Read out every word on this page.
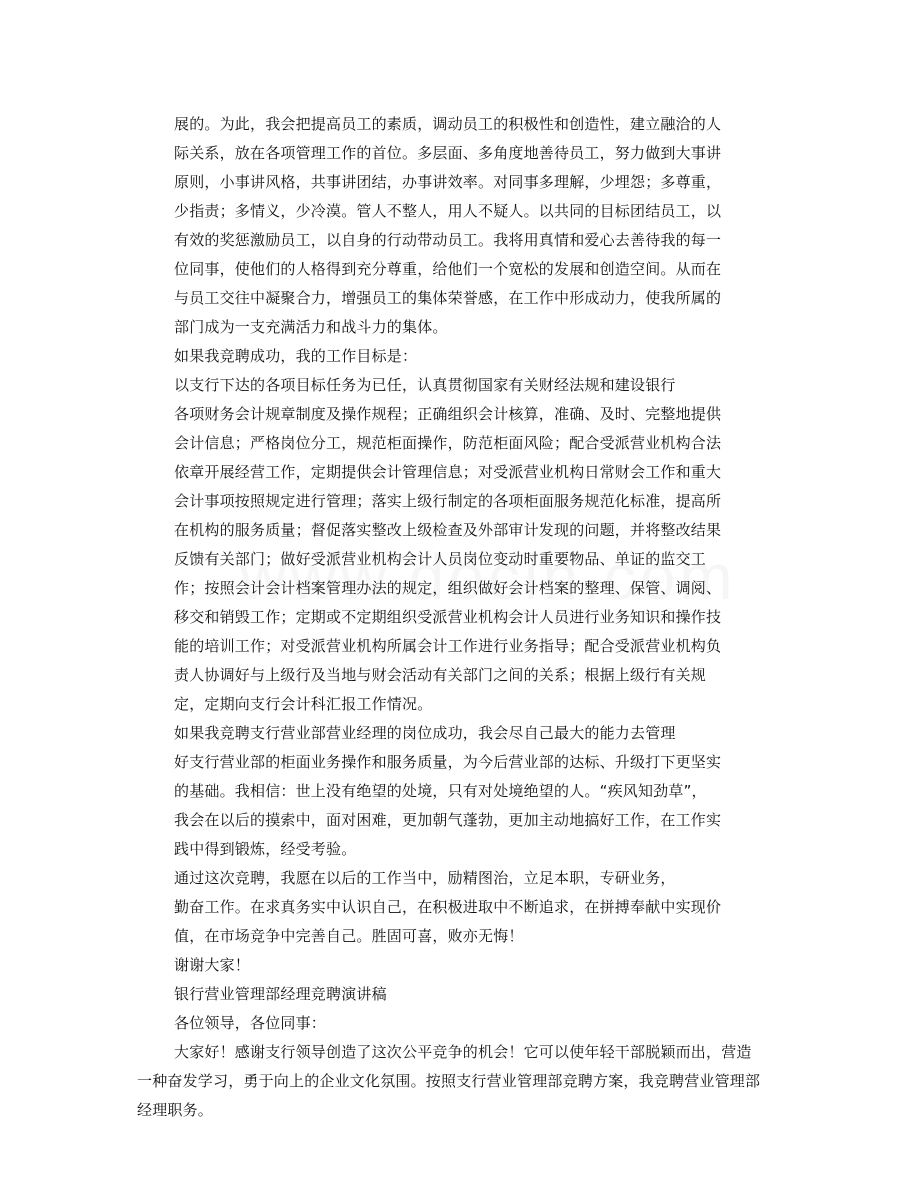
展的。为此，我会把提高员工的素质，调动员工的积极性和创造性，建立融洽的人
际关系，放在各项管理工作的首位。多层面、多角度地善待员工，努力做到大事讲
原则，小事讲风格，共事讲团结，办事讲效率。对同事多理解，少埋怨；多尊重，
少指责；多情义，少冷漠。管人不整人，用人不疑人。以共同的目标团结员工，以
有效的奖惩激励员工，以自身的行动带动员工。我将用真情和爱心去善待我的每一
位同事，使他们的人格得到充分尊重，给他们一个宽松的发展和创造空间。从而在
与员工交往中凝聚合力，增强员工的集体荣誉感，在工作中形成动力，使我所属的
部门成为一支充满活力和战斗力的集体。
如果我竞聘成功，我的工作目标是：
以支行下达的各项目标任务为已任，认真贯彻国家有关财经法规和建设银行
各项财务会计规章制度及操作规程；正确组织会计核算，准确、及时、完整地提供
会计信息；严格岗位分工，规范柜面操作，防范柜面风险；配合受派营业机构合法
依章开展经营工作，定期提供会计管理信息；对受派营业机构日常财会工作和重大
会计事项按照规定进行管理；落实上级行制定的各项柜面服务规范化标准，提高所
在机构的服务质量；督促落实整改上级检查及外部审计发现的问题，并将整改结果
反馈有关部门；做好受派营业机构会计人员岗位变动时重要物品、单证的监交工
作；按照会计会计档案管理办法的规定，组织做好会计档案的整理、保管、调阅、
移交和销毁工作；定期或不定期组织受派营业机构会计人员进行业务知识和操作技
能的培训工作；对受派营业机构所属会计工作进行业务指导；配合受派营业机构负
责人协调好与上级行及当地与财会活动有关部门之间的关系；根据上级行有关规
定，定期向支行会计科汇报工作情况。
如果我竞聘支行营业部营业经理的岗位成功，我会尽自己最大的能力去管理
好支行营业部的柜面业务操作和服务质量，为今后营业部的达标、升级打下更坚实
的基础。我相信：世上没有绝望的处境，只有对处境绝望的人。“疾风知劲草”，
我会在以后的摸索中，面对困难，更加朝气蓬勃，更加主动地搞好工作，在工作实
践中得到锻炼，经受考验。
通过这次竞聘，我愿在以后的工作当中，励精图治，立足本职，专研业务，
勤奋工作。在求真务实中认识自己，在积极进取中不断追求，在拼搏奉献中实现价
值，在市场竞争中完善自己。胜固可喜，败亦无悔！
谢谢大家！
银行营业管理部经理竞聘演讲稿
各位领导，各位同事：
大家好！感谢支行领导创造了这次公平竞争的机会！它可以使年轻干部脱颖而出，营造
一种奋发学习，勇于向上的企业文化氛围。按照支行营业管理部竞聘方案，我竞聘营业管理部
经理职务。
